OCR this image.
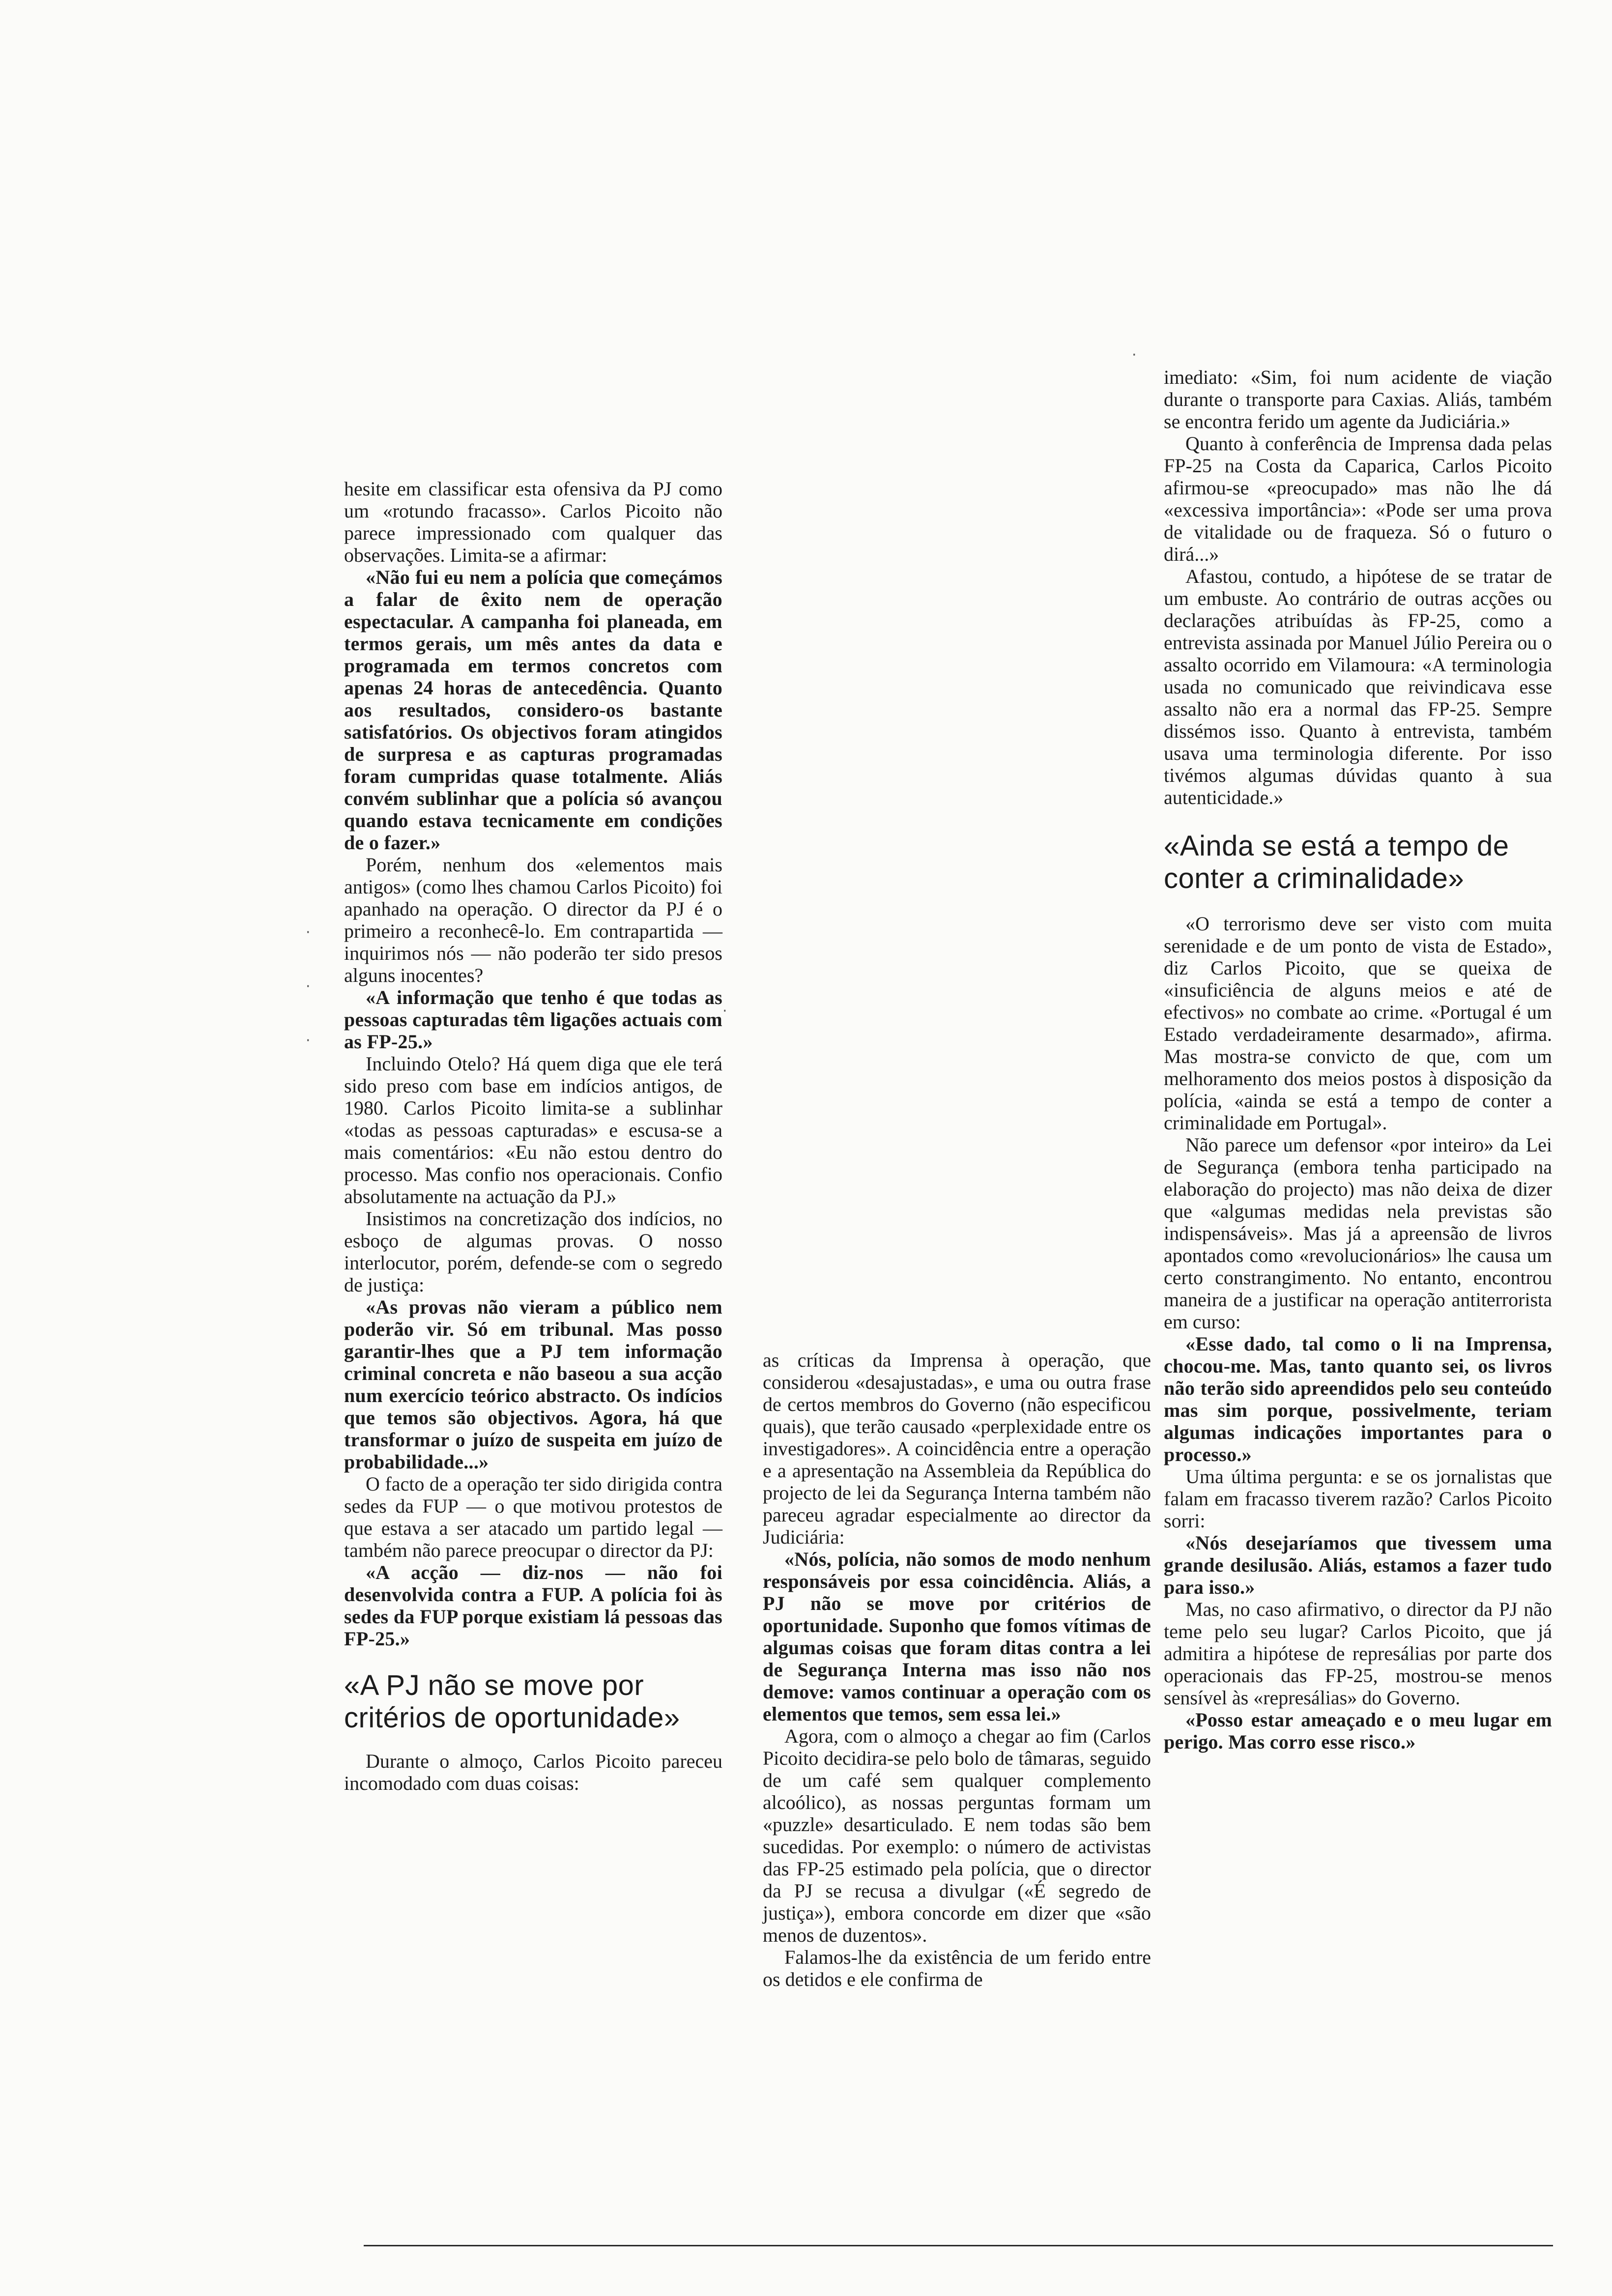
hesite em classificar esta ofensiva da PJ como um «rotundo fracasso». Carlos Picoito não parece impressionado com qualquer das observações. Limita-se a afirmar:

«Não fui eu nem a polícia que começámos a falar de êxito nem de operação espectacular. A campanha foi planeada, em termos gerais, um mês antes da data e programada em termos concretos com apenas 24 horas de antecedência. Quanto aos resultados, considero-os bastante satisfatórios. Os objectivos foram atingidos de surpresa e as capturas programadas foram cumpridas quase totalmente. Aliás convém sublinhar que a polícia só avançou quando estava tecnicamente em condições de o fazer.»

Porém, nenhum dos «elementos mais antigos» (como lhes chamou Carlos Picoito) foi apanhado na operação. O director da PJ é o primeiro a reconhecê-lo. Em contrapartida — inquirimos nós — não poderão ter sido presos alguns inocentes?

«A informação que tenho é que todas as pessoas capturadas têm ligações actuais com as FP-25.»

Incluindo Otelo? Há quem diga que ele terá sido preso com base em indícios antigos, de 1980. Carlos Picoito limita-se a sublinhar «todas as pessoas capturadas» e escusa-se a mais comentários: «Eu não estou dentro do processo. Mas confio nos operacionais. Confio absolutamente na actuação da PJ.»

Insistimos na concretização dos indícios, no esboço de algumas provas. O nosso interlocutor, porém, defende-se com o segredo de justiça:

«As provas não vieram a público nem poderão vir. Só em tribunal. Mas posso garantir-lhes que a PJ tem informação criminal concreta e não baseou a sua acção num exercício teórico abstracto. Os indícios que temos são objectivos. Agora, há que transformar o juízo de suspeita em juízo de probabilidade...»

O facto de a operação ter sido dirigida contra sedes da FUP — o que motivou protestos de que estava a ser atacado um partido legal — também não parece preocupar o director da PJ:

«A acção — diz-nos — não foi desenvolvida contra a FUP. A polícia foi às sedes da FUP porque existiam lá pessoas das FP-25.»

«A PJ não se move por critérios de oportunidade»

Durante o almoço, Carlos Picoito pareceu incomodado com duas coisas:

as críticas da Imprensa à operação, que considerou «desajustadas», e uma ou outra frase de certos membros do Governo (não especificou quais), que terão causado «perplexidade entre os investigadores». A coincidência entre a operação e a apresentação na Assembleia da República do projecto de lei da Segurança Interna também não pareceu agradar especialmente ao director da Judiciária:

«Nós, polícia, não somos de modo nenhum responsáveis por essa coincidência. Aliás, a PJ não se move por critérios de oportunidade. Suponho que fomos vítimas de algumas coisas que foram ditas contra a lei de Segurança Interna mas isso não nos demove: vamos continuar a operação com os elementos que temos, sem essa lei.»

Agora, com o almoço a chegar ao fim (Carlos Picoito decidira-se pelo bolo de tâmaras, seguido de um café sem qualquer complemento alcoólico), as nossas perguntas formam um «puzzle» desarticulado. E nem todas são bem sucedidas. Por exemplo: o número de activistas das FP-25 estimado pela polícia, que o director da PJ se recusa a divulgar («É segredo de justiça»), embora concorde em dizer que «são menos de duzentos».

Falamos-lhe da existência de um ferido entre os detidos e ele confirma de

imediato: «Sim, foi num acidente de viação durante o transporte para Caxias. Aliás, também se encontra ferido um agente da Judiciária.»

Quanto à conferência de Imprensa dada pelas FP-25 na Costa da Caparica, Carlos Picoito afirmou-se «preocupado» mas não lhe dá «excessiva importância»: «Pode ser uma prova de vitalidade ou de fraqueza. Só o futuro o dirá...»

Afastou, contudo, a hipótese de se tratar de um embuste. Ao contrário de outras acções ou declarações atribuídas às FP-25, como a entrevista assinada por Manuel Júlio Pereira ou o assalto ocorrido em Vilamoura: «A terminologia usada no comunicado que reivindicava esse assalto não era a normal das FP-25. Sempre dissémos isso. Quanto à entrevista, também usava uma terminologia diferente. Por isso tivémos algumas dúvidas quanto à sua autenticidade.»

«Ainda se está a tempo de conter a criminalidade»

«O terrorismo deve ser visto com muita serenidade e de um ponto de vista de Estado», diz Carlos Picoito, que se queixa de «insuficiência de alguns meios e até de efectivos» no combate ao crime. «Portugal é um Estado verdadeiramente desarmado», afirma. Mas mostra-se convicto de que, com um melhoramento dos meios postos à disposição da polícia, «ainda se está a tempo de conter a criminalidade em Portugal».

Não parece um defensor «por inteiro» da Lei de Segurança (embora tenha participado na elaboração do projecto) mas não deixa de dizer que «algumas medidas nela previstas são indispensáveis». Mas já a apreensão de livros apontados como «revolucionários» lhe causa um certo constrangimento. No entanto, encontrou maneira de a justificar na operação antiterrorista em curso:

«Esse dado, tal como o li na Imprensa, chocou-me. Mas, tanto quanto sei, os livros não terão sido apreendidos pelo seu conteúdo mas sim porque, possivelmente, teriam algumas indicações importantes para o processo.»

Uma última pergunta: e se os jornalistas que falam em fracasso tiverem razão? Carlos Picoito sorri:

«Nós desejaríamos que tivessem uma grande desilusão. Aliás, estamos a fazer tudo para isso.»

Mas, no caso afirmativo, o director da PJ não teme pelo seu lugar? Carlos Picoito, que já admitira a hipótese de represálias por parte dos operacionais das FP-25, mostrou-se menos sensível às «represálias» do Governo.

«Posso estar ameaçado e o meu lugar em perigo. Mas corro esse risco.»

·
·
·
·
·
